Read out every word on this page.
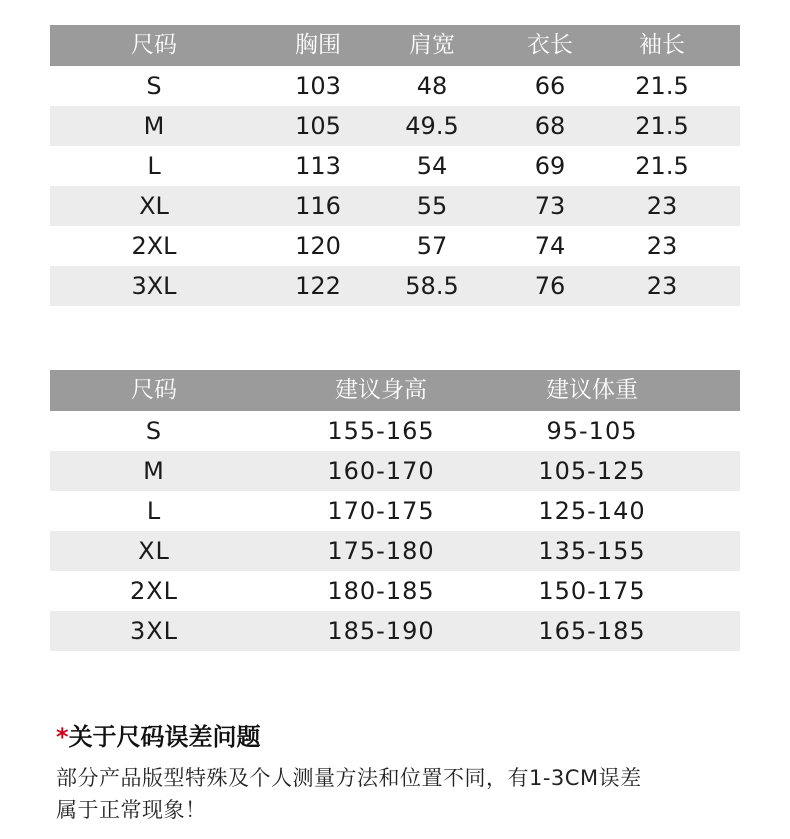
尺码	胸围	肩宽	衣长	袖长
S	103	48	66	21.5
M	105	49.5	68	21.5
L	113	54	69	21.5
XL	116	55	73	23
2XL	120	57	74	23
3XL	122	58.5	76	23
尺码	建议身高	建议体重
S	155-165	95-105
M	160-170	105-125
L	170-175	125-140
XL	175-180	135-155
2XL	180-185	150-175
3XL	185-190	165-185
*关于尺码误差问题
部分产品版型特殊及个人测量方法和位置不同，有1-3CM误差
属于正常现象！
